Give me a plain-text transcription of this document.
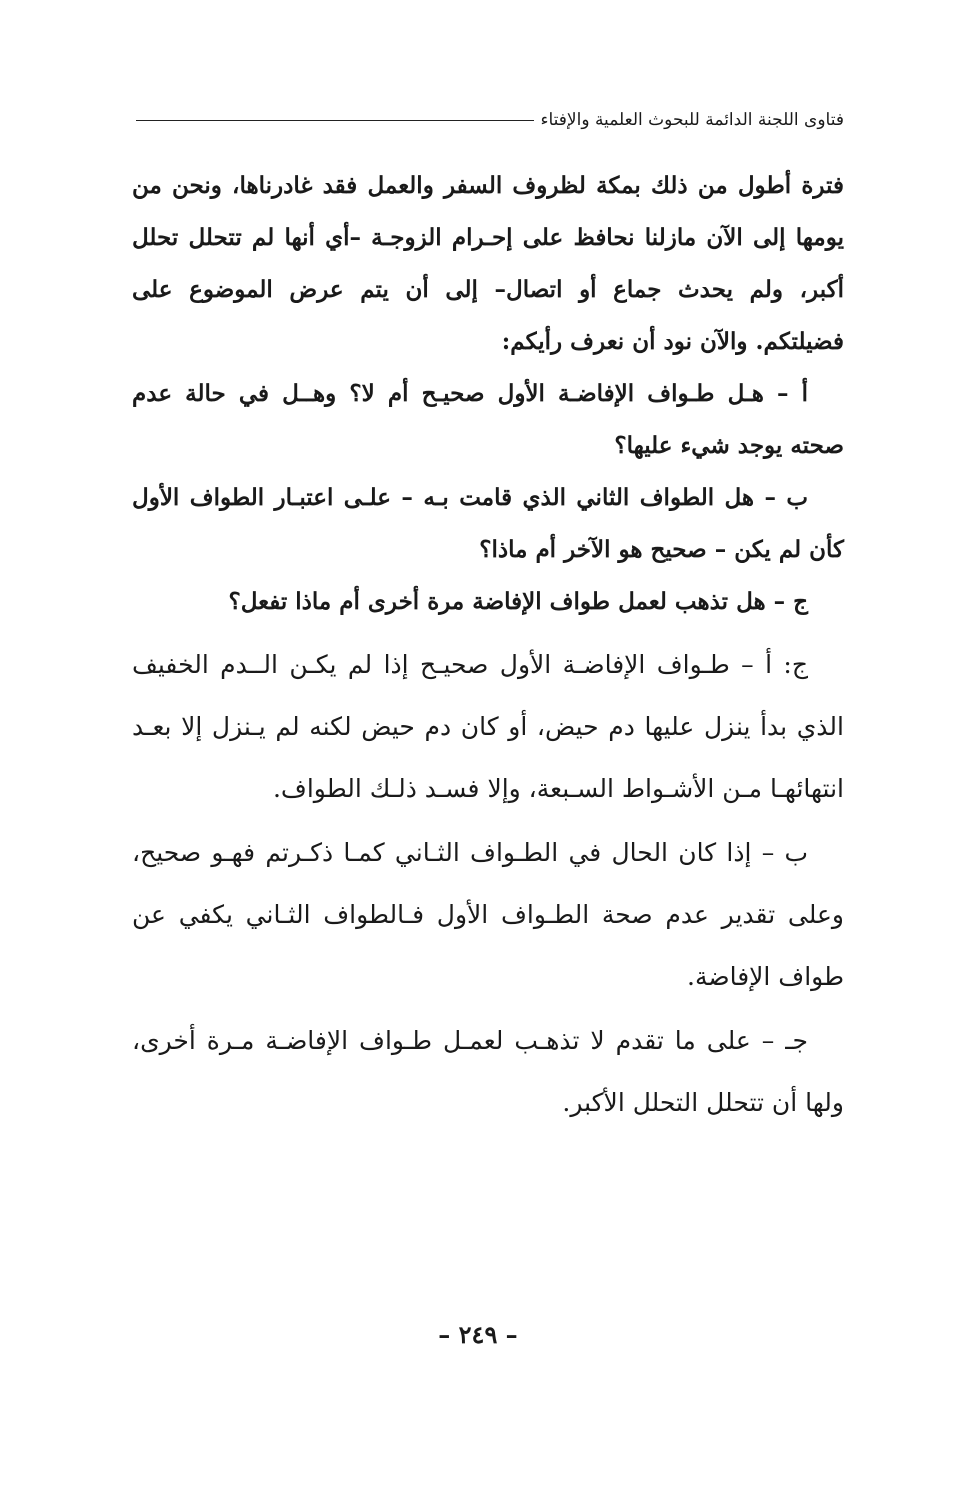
فتاوى اللجنة الدائمة للبحوث العلمية والإفتاء

فترة أطول من ذلك بمكة لظروف السفر والعمل فقد غادرناها، ونحن من يومها إلى الآن مازلنا نحافظ على إحـرام الزوجـة –أي أنها لم تتحلل تحلل أكبر، ولم يحدث جماع أو اتصال– إلى أن يتم عرض الموضوع على فضيلتكم. والآن نود أن نعرف رأيكم:

أ – هـل طـواف الإفاضـة الأول صحيـح أم لا؟ وهــل في حالة عدم صحته يوجد شيء عليها؟

ب – هل الطواف الثاني الذي قامت بـه – علـى اعتبـار الطواف الأول كأن لم يكن – صحيح هو الآخر أم ماذا؟

ج – هل تذهب لعمل طواف الإفاضة مرة أخرى أم ماذا تفعل؟

ج: أ – طـواف الإفاضـة الأول صحيـح إذا لم يكـن الــدم الخفيف الذي بدأ ينزل عليها دم حيض، أو كان دم حيض لكنه لم يـنزل إلا بعـد انتهائهـا مـن الأشـواط السـبعة، وإلا فسـد ذلـك الطواف.

ب – إذا كان الحال في الطـواف الثـاني كمـا ذكـرتم فهـو صحيح، وعلى تقدير عدم صحة الطـواف الأول فـالطواف الثـاني يكفي عن طواف الإفاضة.

جـ – على ما تقدم لا تذهـب لعمـل طـواف الإفاضـة مـرة أخرى، ولها أن تتحلل التحلل الأكبر.

– ٢٤٩ –
